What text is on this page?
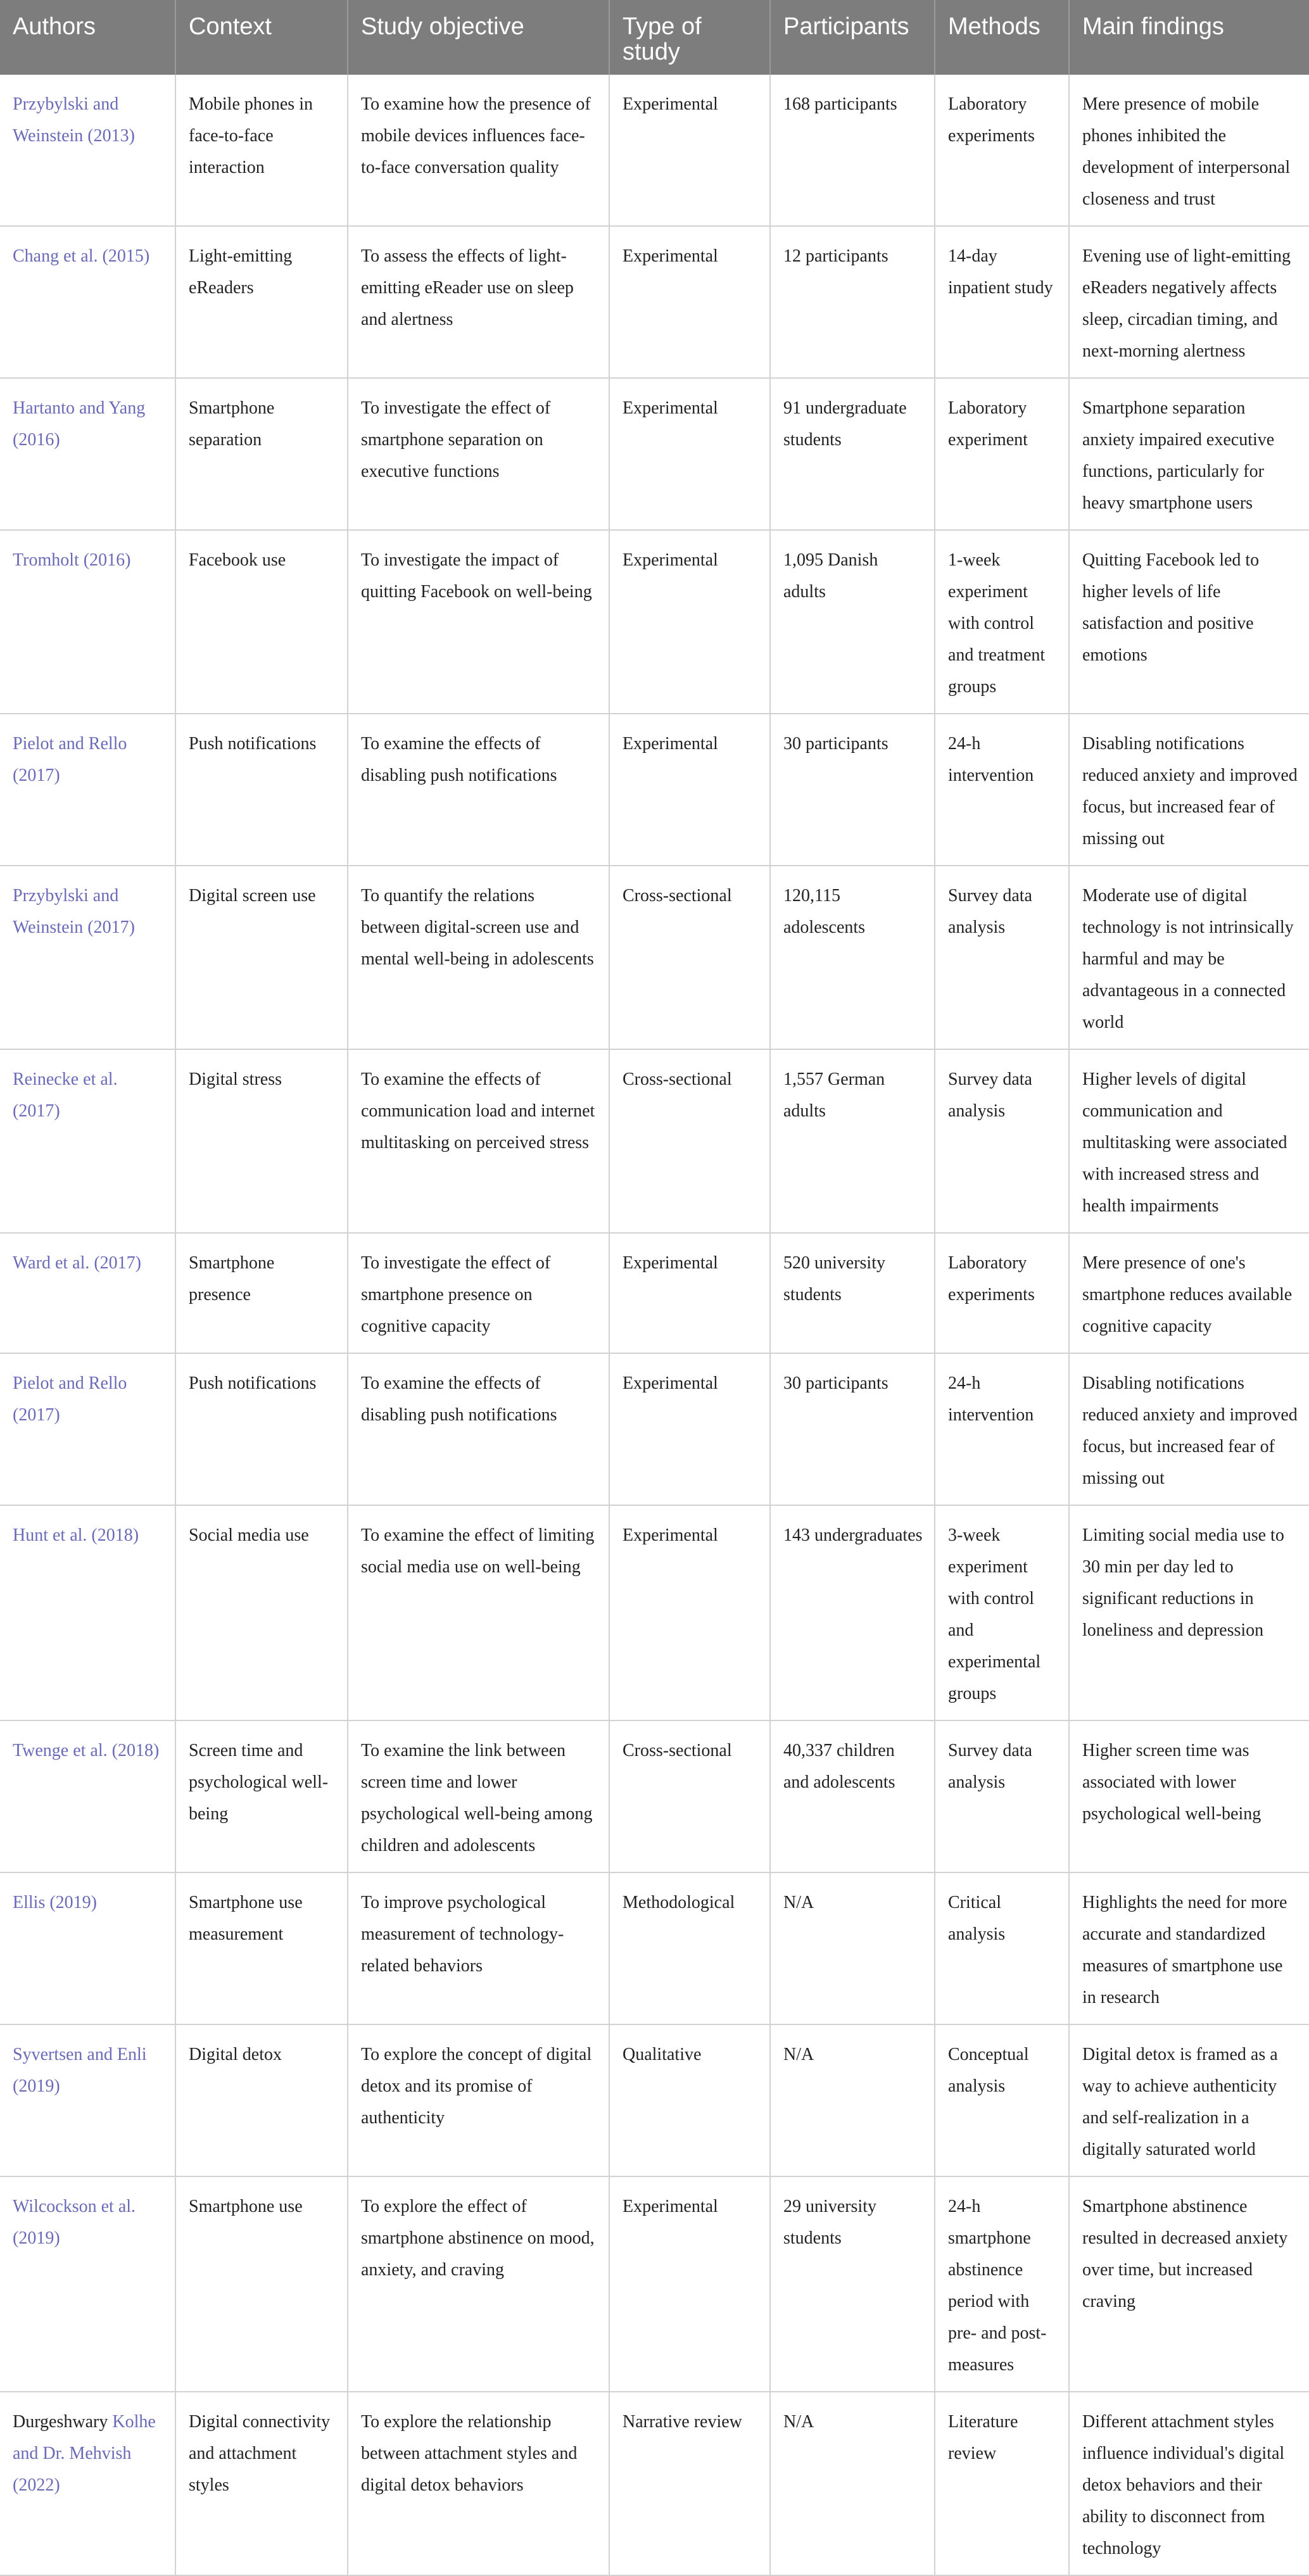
Authors	Context	Study objective	Type of study	Participants	Methods	Main findings
Przybylski and Weinstein (2013)	Mobile phones in face-to-face interaction	To examine how the presence of mobile devices influences face-to-face conversation quality	Experimental	168 participants	Laboratory experiments	Mere presence of mobile phones inhibited the development of interpersonal closeness and trust
Chang et al. (2015)	Light-emitting eReaders	To assess the effects of light-emitting eReader use on sleep and alertness	Experimental	12 participants	14-day inpatient study	Evening use of light-emitting eReaders negatively affects sleep, circadian timing, and next-morning alertness
Hartanto and Yang (2016)	Smartphone separation	To investigate the effect of smartphone separation on executive functions	Experimental	91 undergraduate students	Laboratory experiment	Smartphone separation anxiety impaired executive functions, particularly for heavy smartphone users
Tromholt (2016)	Facebook use	To investigate the impact of quitting Facebook on well-being	Experimental	1,095 Danish adults	1-week experiment with control and treatment groups	Quitting Facebook led to higher levels of life satisfaction and positive emotions
Pielot and Rello (2017)	Push notifications	To examine the effects of disabling push notifications	Experimental	30 participants	24-h intervention	Disabling notifications reduced anxiety and improved focus, but increased fear of missing out
Przybylski and Weinstein (2017)	Digital screen use	To quantify the relations between digital-screen use and mental well-being in adolescents	Cross-sectional	120,115 adolescents	Survey data analysis	Moderate use of digital technology is not intrinsically harmful and may be advantageous in a connected world
Reinecke et al. (2017)	Digital stress	To examine the effects of communication load and internet multitasking on perceived stress	Cross-sectional	1,557 German adults	Survey data analysis	Higher levels of digital communication and multitasking were associated with increased stress and health impairments
Ward et al. (2017)	Smartphone presence	To investigate the effect of smartphone presence on cognitive capacity	Experimental	520 university students	Laboratory experiments	Mere presence of one's smartphone reduces available cognitive capacity
Pielot and Rello (2017)	Push notifications	To examine the effects of disabling push notifications	Experimental	30 participants	24-h intervention	Disabling notifications reduced anxiety and improved focus, but increased fear of missing out
Hunt et al. (2018)	Social media use	To examine the effect of limiting social media use on well-being	Experimental	143 undergraduates	3-week experiment with control and experimental groups	Limiting social media use to 30 min per day led to significant reductions in loneliness and depression
Twenge et al. (2018)	Screen time and psychological well-being	To examine the link between screen time and lower psychological well-being among children and adolescents	Cross-sectional	40,337 children and adolescents	Survey data analysis	Higher screen time was associated with lower psychological well-being
Ellis (2019)	Smartphone use measurement	To improve psychological measurement of technology-related behaviors	Methodological	N/A	Critical analysis	Highlights the need for more accurate and standardized measures of smartphone use in research
Syvertsen and Enli (2019)	Digital detox	To explore the concept of digital detox and its promise of authenticity	Qualitative	N/A	Conceptual analysis	Digital detox is framed as a way to achieve authenticity and self-realization in a digitally saturated world
Wilcockson et al. (2019)	Smartphone use	To explore the effect of smartphone abstinence on mood, anxiety, and craving	Experimental	29 university students	24-h smartphone abstinence period with pre- and post-measures	Smartphone abstinence resulted in decreased anxiety over time, but increased craving
Durgeshwary Kolhe and Dr. Mehvish (2022)	Digital connectivity and attachment styles	To explore the relationship between attachment styles and digital detox behaviors	Narrative review	N/A	Literature review	Different attachment styles influence individual's digital detox behaviors and their ability to disconnect from technology
